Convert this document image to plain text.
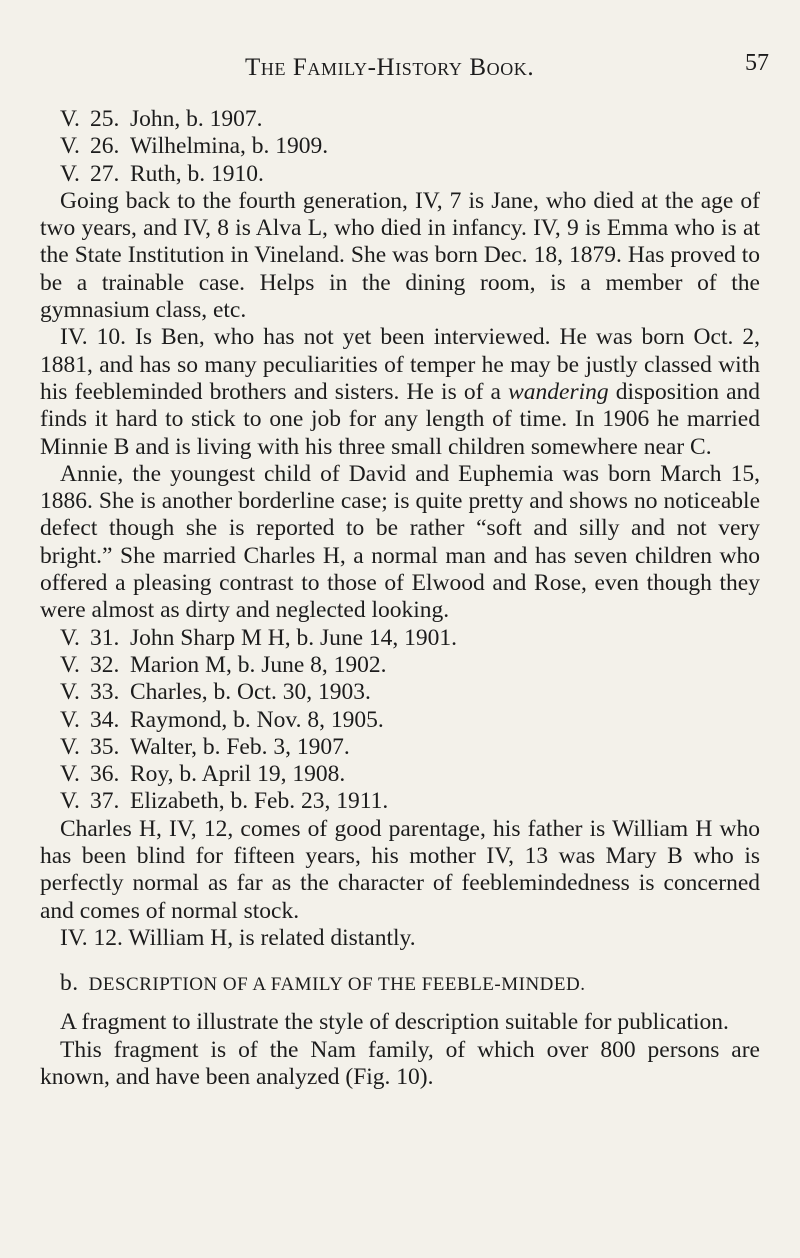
The Family-History Book.	57

V. 25. John, b. 1907.

V. 26. Wilhelmina, b. 1909.

V. 27. Ruth, b. 1910.

Going back to the fourth generation, IV, 7 is Jane, who died at the age of two years, and IV, 8 is Alva L, who died in infancy. IV, 9 is Emma who is at the State Institution in Vineland. She was born Dec. 18, 1879. Has proved to be a trainable case. Helps in the dining room, is a member of the gymnasium class, etc.

IV. 10. Is Ben, who has not yet been interviewed. He was born Oct. 2, 1881, and has so many peculiarities of temper he may be justly classed with his feebleminded brothers and sisters. He is of a wandering disposition and finds it hard to stick to one job for any length of time. In 1906 he married Minnie B and is living with his three small children somewhere near C.

Annie, the youngest child of David and Euphemia was born March 15, 1886. She is another borderline case; is quite pretty and shows no noticeable defect though she is reported to be rather “soft and silly and not very bright.” She married Charles H, a normal man and has seven children who offered a pleasing contrast to those of Elwood and Rose, even though they were almost as dirty and neglected looking.

V. 31. John Sharp M H, b. June 14, 1901.

V. 32. Marion M, b. June 8, 1902.

V. 33. Charles, b. Oct. 30, 1903.

V. 34. Raymond, b. Nov. 8, 1905.

V. 35. Walter, b. Feb. 3, 1907.

V. 36. Roy, b. April 19, 1908.

V. 37. Elizabeth, b. Feb. 23, 1911.

Charles H, IV, 12, comes of good parentage, his father is William H who has been blind for fifteen years, his mother IV, 13 was Mary B who is perfectly normal as far as the character of feeblemindedness is concerned and comes of normal stock.

IV. 12. William H, is related distantly.

b. DESCRIPTION OF A FAMILY OF THE FEEBLE-MINDED.

A fragment to illustrate the style of description suitable for publication.

This fragment is of the Nam family, of which over 800 persons are known, and have been analyzed (Fig. 10).
